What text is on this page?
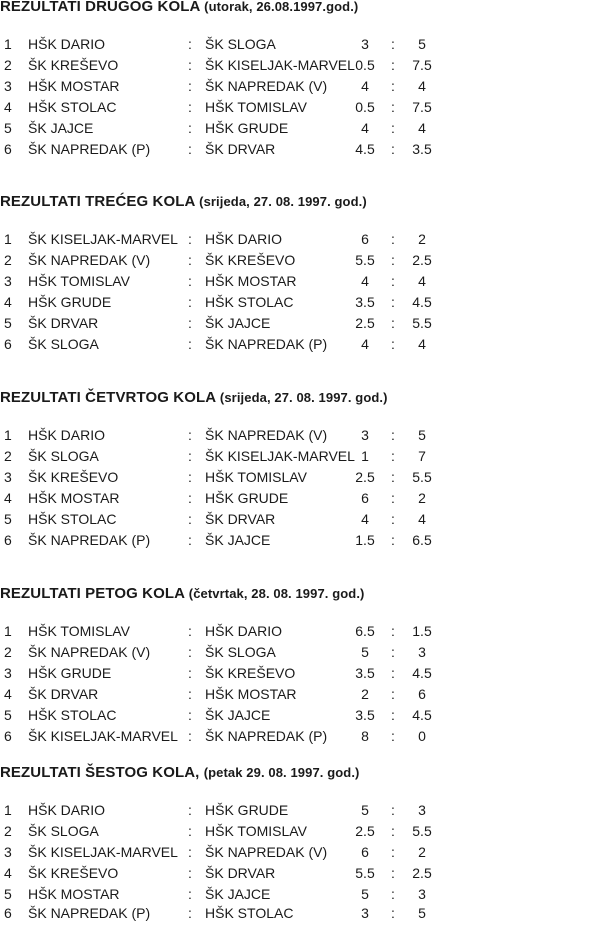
REZULTATI DRUGOG KOLA (utorak, 26.08.1997.god.)
1 HŠK DARIO	: ŠK SLOGA	3	:	5
2 ŠK KREŠEVO	: ŠK KISELJAK-MARVEL 0.5	:	7.5
3 HŠK MOSTAR	: ŠK NAPREDAK (V)	4	:	4
4 HŠK STOLAC	: HŠK TOMISLAV	0.5	:	7.5
5 ŠK JAJCE	: HŠK GRUDE	4	:	4
6 ŠK NAPREDAK (P)	: ŠK DRVAR	4.5	:	3.5
REZULTATI TREĆEG KOLA (srijeda, 27. 08. 1997. god.)
1 ŠK KISELJAK-MARVEL : HŠK DARIO	6	:	2
2 ŠK NAPREDAK (V)	: ŠK KREŠEVO	5.5	:	2.5
3 HŠK TOMISLAV	: HŠK MOSTAR	4	:	4
4 HŠK GRUDE	: HŠK STOLAC	3.5	:	4.5
5 ŠK DRVAR	: ŠK JAJCE	2.5	:	5.5
6 ŠK SLOGA	: ŠK NAPREDAK (P)	4	:	4
REZULTATI ČETVRTOG KOLA (srijeda, 27. 08. 1997. god.)
1 HŠK DARIO	: ŠK NAPREDAK (V)	3	:	5
2 ŠK SLOGA	: ŠK KISELJAK-MARVEL 1	:	7
3 ŠK KREŠEVO	: HŠK TOMISLAV	2.5	:	5.5
4 HŠK MOSTAR	: HŠK GRUDE	6	:	2
5 HŠK STOLAC	: ŠK DRVAR	4	:	4
6 ŠK NAPREDAK (P)	: ŠK JAJCE	1.5	:	6.5
REZULTATI PETOG KOLA (četvrtak, 28. 08. 1997. god.)
1 HŠK TOMISLAV	: HŠK DARIO	6.5	:	1.5
2 ŠK NAPREDAK (V)	: ŠK SLOGA	5	:	3
3 HŠK GRUDE	: ŠK KREŠEVO	3.5	:	4.5
4 ŠK DRVAR	: HŠK MOSTAR	2	:	6
5 HŠK STOLAC	: ŠK JAJCE	3.5	:	4.5
6 ŠK KISELJAK-MARVEL : ŠK NAPREDAK (P)	8	:	0
REZULTATI ŠESTOG KOLA, (petak 29. 08. 1997. god.)
1 HŠK DARIO	: HŠK GRUDE	5	:	3
2 ŠK SLOGA	: HŠK TOMISLAV	2.5	:	5.5
3 ŠK KISELJAK-MARVEL : ŠK NAPREDAK (V)	6	:	2
4 ŠK KREŠEVO	: ŠK DRVAR	5.5	:	2.5
5 HŠK MOSTAR	: ŠK JAJCE	5	:	3
6 ŠK NAPREDAK (P)	: HŠK STOLAC	3	:	5
